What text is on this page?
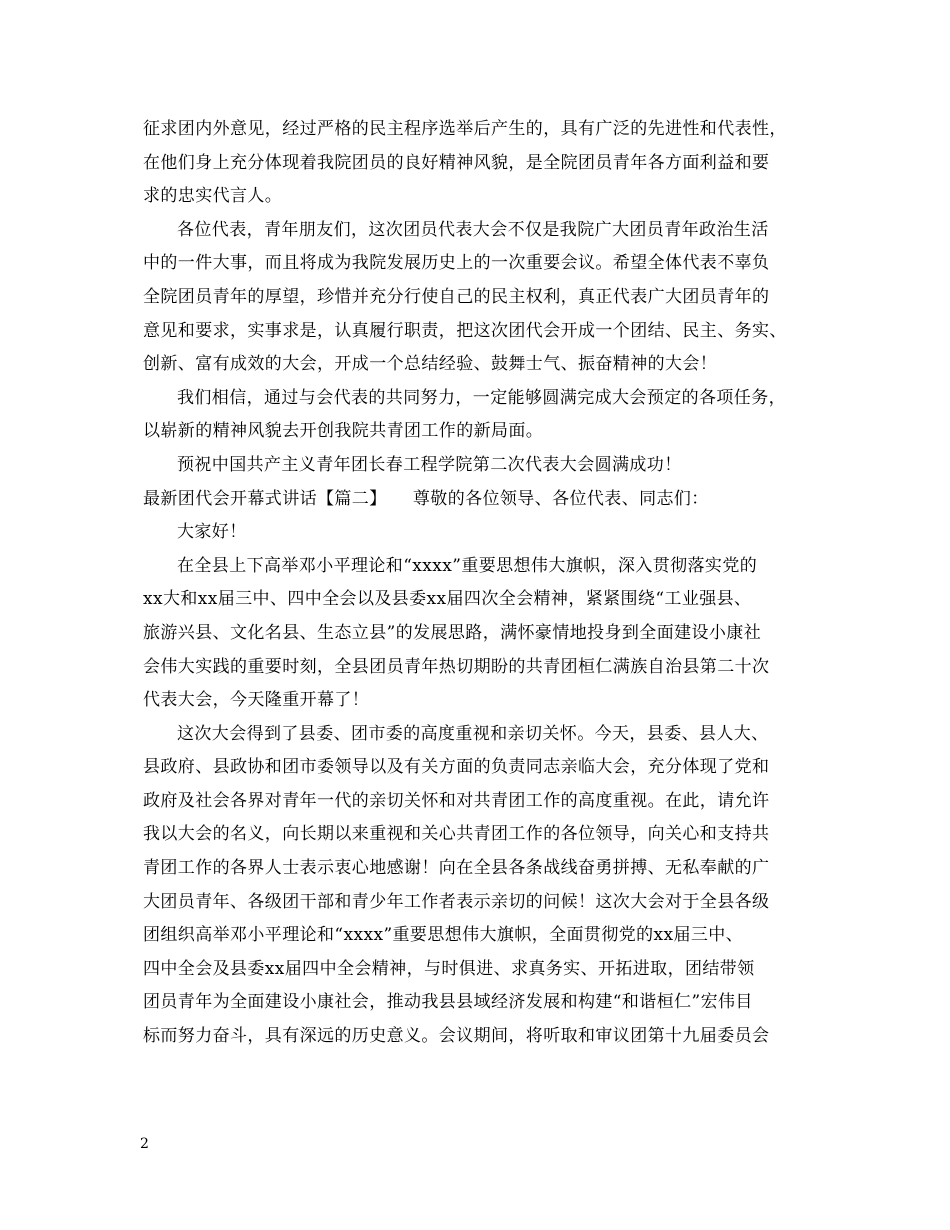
征求团内外意见，经过严格的民主程序选举后产生的，具有广泛的先进性和代表性，
在他们身上充分体现着我院团员的良好精神风貌，是全院团员青年各方面利益和要
求的忠实代言人。
各位代表，青年朋友们，这次团员代表大会不仅是我院广大团员青年政治生活
中的一件大事，而且将成为我院发展历史上的一次重要会议。希望全体代表不辜负
全院团员青年的厚望，珍惜并充分行使自己的民主权利，真正代表广大团员青年的
意见和要求，实事求是，认真履行职责，把这次团代会开成一个团结、民主、务实、
创新、富有成效的大会，开成一个总结经验、鼓舞士气、振奋精神的大会！
我们相信，通过与会代表的共同努力，一定能够圆满完成大会预定的各项任务，
以崭新的精神风貌去开创我院共青团工作的新局面。
预祝中国共产主义青年团长春工程学院第二次代表大会圆满成功！
最新团代会开幕式讲话【篇二】　　尊敬的各位领导、各位代表、同志们：
大家好！
在全县上下高举邓小平理论和“xxxx”重要思想伟大旗帜，深入贯彻落实党的
xx大和xx届三中、四中全会以及县委xx届四次全会精神，紧紧围绕“工业强县、
旅游兴县、文化名县、生态立县”的发展思路，满怀豪情地投身到全面建设小康社
会伟大实践的重要时刻，全县团员青年热切期盼的共青团桓仁满族自治县第二十次
代表大会，今天隆重开幕了！
这次大会得到了县委、团市委的高度重视和亲切关怀。今天，县委、县人大、
县政府、县政协和团市委领导以及有关方面的负责同志亲临大会，充分体现了党和
政府及社会各界对青年一代的亲切关怀和对共青团工作的高度重视。在此，请允许
我以大会的名义，向长期以来重视和关心共青团工作的各位领导，向关心和支持共
青团工作的各界人士表示衷心地感谢！向在全县各条战线奋勇拼搏、无私奉献的广
大团员青年、各级团干部和青少年工作者表示亲切的问候！这次大会对于全县各级
团组织高举邓小平理论和“xxxx”重要思想伟大旗帜，全面贯彻党的xx届三中、
四中全会及县委xx届四中全会精神，与时俱进、求真务实、开拓进取，团结带领
团员青年为全面建设小康社会，推动我县县域经济发展和构建“和谐桓仁”宏伟目
标而努力奋斗，具有深远的历史意义。会议期间，将听取和审议团第十九届委员会
2
